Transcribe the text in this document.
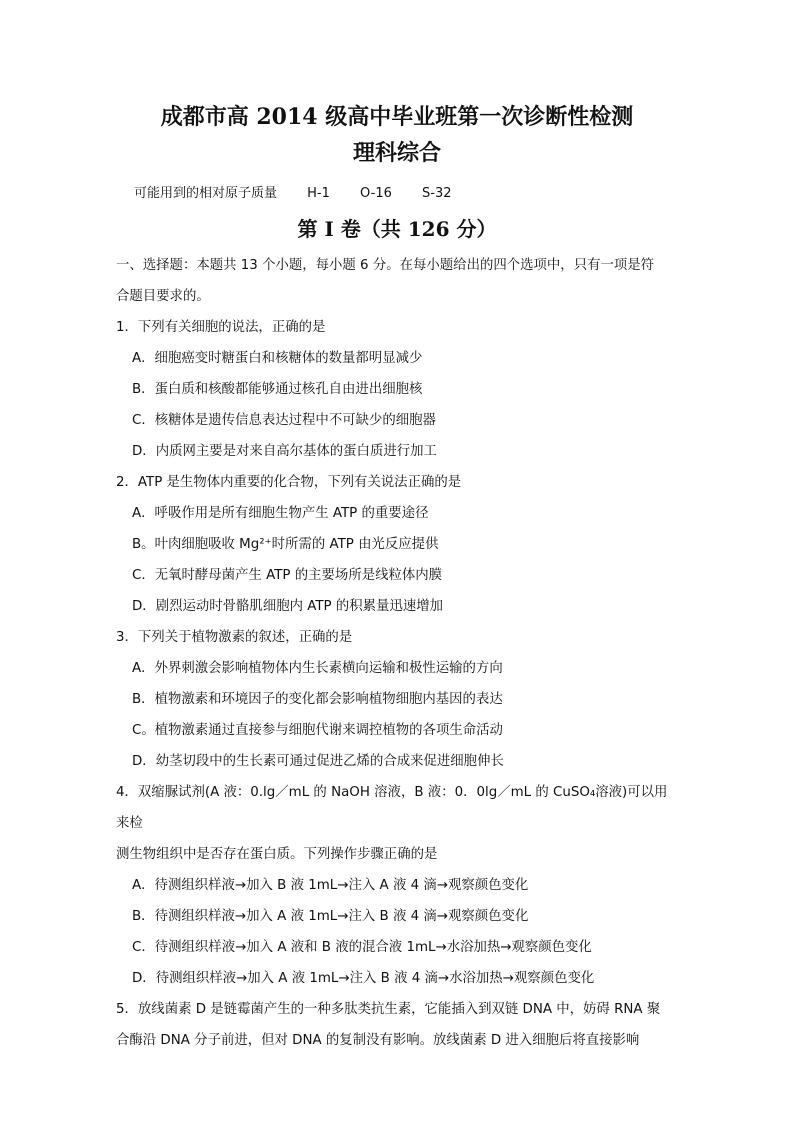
成都市高 2014 级高中毕业班第一次诊断性检测
理科综合
可能用到的相对原子质量 H-1 O-16 S-32
第 I 卷（共 126 分）

一、选择题：本题共 13 个小题，每小题 6 分。在每小题给出的四个选项中，只有一项是符

合题目要求的。

1．下列有关细胞的说法，正确的是

A．细胞癌变时糖蛋白和核糖体的数量都明显减少

B．蛋白质和核酸都能够通过核孔自由进出细胞核

C．核糖体是遗传信息表达过程中不可缺少的细胞器

D．内质网主要是对来自高尔基体的蛋白质进行加工

2．ATP 是生物体内重要的化合物，下列有关说法正确的是

A．呼吸作用是所有细胞生物产生 ATP 的重要途径

B。叶肉细胞吸收 Mg²⁺时所需的 ATP 由光反应提供

C．无氧时酵母菌产生 ATP 的主要场所是线粒体内膜

D．剧烈运动时骨骼肌细胞内 ATP 的积累量迅速增加

3．下列关于植物激素的叙述，正确的是

A．外界刺激会影响植物体内生长素横向运输和极性运输的方向

B．植物激素和环境因子的变化都会影响植物细胞内基因的表达

C。植物激素通过直接参与细胞代谢来调控植物的各项生命活动

D．幼茎切段中的生长素可通过促进乙烯的合成来促进细胞伸长

4．双缩脲试剂(A 液：0.lg／mL 的 NaOH 溶液，B 液：0．0lg／mL 的 CuSO₄溶液)可以用来检

测生物组织中是否存在蛋白质。下列操作步骤正确的是

A．待测组织样液→加入 B 液 1mL→注入 A 液 4 滴→观察颜色变化

B．待测组织样液→加入 A 液 1mL→注入 B 液 4 滴→观察颜色变化

C．待测组织样液→加入 A 液和 B 液的混合液 1mL→水浴加热→观察颜色变化

D．待测组织样液→加入 A 液 1mL→注入 B 液 4 滴→水浴加热→观察颜色变化

5．放线菌素 D 是链霉菌产生的一种多肽类抗生素，它能插入到双链 DNA 中，妨碍 RNA 聚

合酶沿 DNA 分子前进，但对 DNA 的复制没有影响。放线菌素 D 进入细胞后将直接影响
